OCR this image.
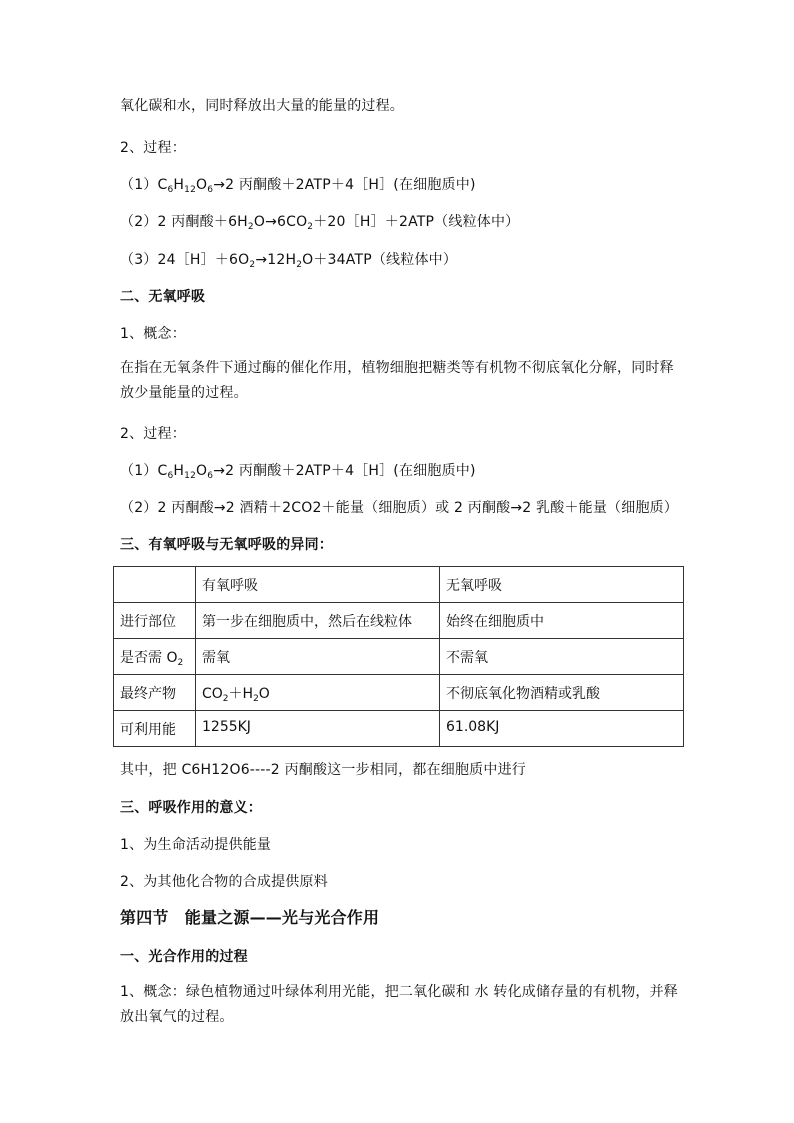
氧化碳和水，同时释放出大量的能量的过程。
2、过程：
$(1)C_6H_{12}O_6\to 2$ 丙酮酸＋2ATP＋4［H］(在细胞质中)
（2）2 丙酮酸$+6H_2O\to 6CO_2+20[H]+2ATP$（线粒体中）
$(3)24[H]+6O_2\to 12H_2O+34ATP$（线粒体中）
二、无氧呼吸
1、概念：
在指在无氧条件下通过酶的催化作用，植物细胞把糖类等有机物不彻底氧化分解，同时释放少量能量的过程。
2、过程：
$(1)C_6H_{12}O_6\to 2$ 丙酮酸＋2ATP＋4［H］(在细胞质中)
（2）2 丙酮酸→2 酒精＋2CO2＋能量（细胞质）或 2 丙酮酸→2 乳酸＋能量（细胞质）
三、有氧呼吸与无氧呼吸的异同：
	有氧呼吸	无氧呼吸
进行部位	第一步在细胞质中，然后在线粒体	始终在细胞质中
是否需 $O_2$	需氧	不需氧
最终产物	$CO_2+H_2O$	不彻底氧化物酒精或乳酸
可利用能	1255KJ	61.08KJ
其中，把 C6H12O6----2 丙酮酸这一步相同，都在细胞质中进行
三、呼吸作用的意义：
1、为生命活动提供能量
2、为其他化合物的合成提供原料
第四节　能量之源——光与光合作用
一、光合作用的过程
1、概念：绿色植物通过叶绿体利用光能，把二氧化碳和 水 转化成储存量的有机物，并释放出氧气的过程。
